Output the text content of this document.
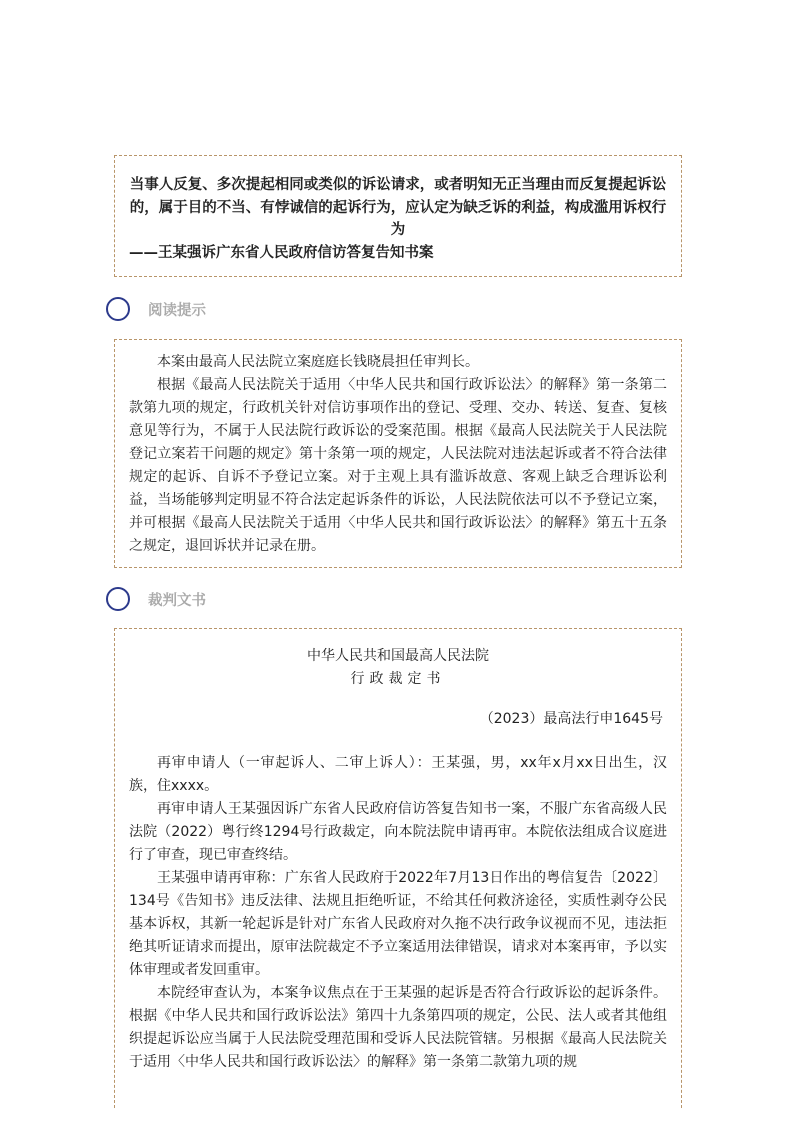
当事人反复、多次提起相同或类似的诉讼请求，或者明知无正当理由而反复提起诉讼

的，属于目的不当、有悖诚信的起诉行为，应认定为缺乏诉的利益，构成滥用诉权行

为

——王某强诉广东省人民政府信访答复告知书案

阅读提示

本案由最高人民法院立案庭庭长钱晓晨担任审判长。

根据《最高人民法院关于适用〈中华人民共和国行政诉讼法〉的解释》第一条第二款第九项的规定，行政机关针对信访事项作出的登记、受理、交办、转送、复查、复核意见等行为，不属于人民法院行政诉讼的受案范围。根据《最高人民法院关于人民法院登记立案若干问题的规定》第十条第一项的规定，人民法院对违法起诉或者不符合法律规定的起诉、自诉不予登记立案。对于主观上具有滥诉故意、客观上缺乏合理诉讼利益，当场能够判定明显不符合法定起诉条件的诉讼，人民法院依法可以不予登记立案，并可根据《最高人民法院关于适用〈中华人民共和国行政诉讼法〉的解释》第五十五条之规定，退回诉状并记录在册。

裁判文书

中华人民共和国最高人民法院

行政裁定书

（2023）最高法行申1645号

再审申请人（一审起诉人、二审上诉人）：王某强，男，xx年x月xx日出生，汉族，住xxxx。

再审申请人王某强因诉广东省人民政府信访答复告知书一案，不服广东省高级人民法院（2022）粤行终1294号行政裁定，向本院法院申请再审。本院依法组成合议庭进行了审查，现已审查终结。

王某强申请再审称：广东省人民政府于2022年7月13日作出的粤信复告〔2022〕134号《告知书》违反法律、法规且拒绝听证，不给其任何救济途径，实质性剥夺公民基本诉权，其新一轮起诉是针对广东省人民政府对久拖不决行政争议视而不见，违法拒绝其听证请求而提出，原审法院裁定不予立案适用法律错误，请求对本案再审，予以实体审理或者发回重审。

本院经审查认为，本案争议焦点在于王某强的起诉是否符合行政诉讼的起诉条件。根据《中华人民共和国行政诉讼法》第四十九条第四项的规定，公民、法人或者其他组织提起诉讼应当属于人民法院受理范围和受诉人民法院管辖。另根据《最高人民法院关于适用〈中华人民共和国行政诉讼法〉的解释》第一条第二款第九项的规
